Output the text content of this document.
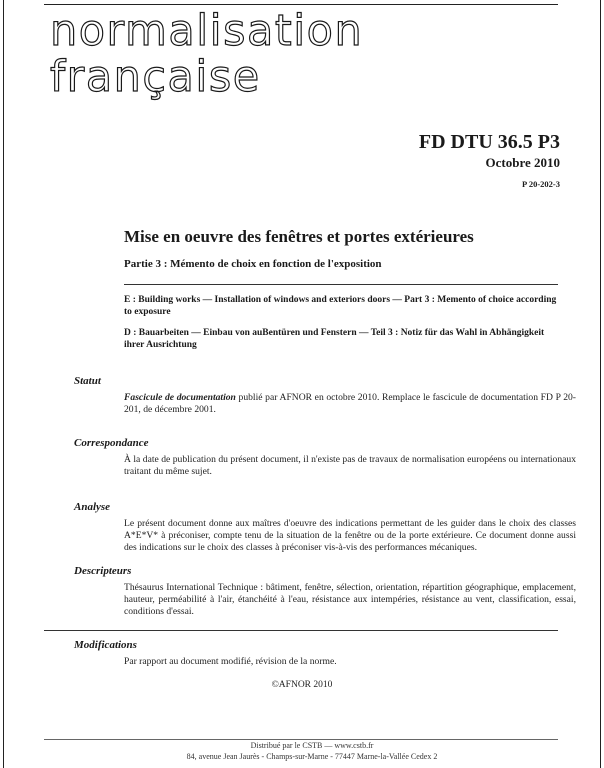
normalisation
française
FD DTU 36.5 P3
Octobre 2010
P 20-202-3
Mise en oeuvre des fenêtres et portes extérieures
Partie 3 : Mémento de choix en fonction de l'exposition
E : Building works — Installation of windows and exteriors doors — Part 3 : Memento of choice according to exposure
D : Bauarbeiten — Einbau von auBentüren und Fenstern — Teil 3 : Notiz für das Wahl in Abhängigkeit ihrer Ausrichtung
Statut
Fascicule de documentation publié par AFNOR en octobre 2010. Remplace le fascicule de documentation FD P 20-201, de décembre 2001.
Correspondance
À la date de publication du présent document, il n'existe pas de travaux de normalisation européens ou internationaux traitant du même sujet.
Analyse
Le présent document donne aux maîtres d'oeuvre des indications permettant de les guider dans le choix des classes A*E*V* à préconiser, compte tenu de la situation de la fenêtre ou de la porte extérieure. Ce document donne aussi des indications sur le choix des classes à préconiser vis-à-vis des performances mécaniques.
Descripteurs
Thésaurus International Technique : bâtiment, fenêtre, sélection, orientation, répartition géographique, emplacement, hauteur, perméabilité à l'air, étanchéité à l'eau, résistance aux intempéries, résistance au vent, classification, essai, conditions d'essai.
Modifications
Par rapport au document modifié, révision de la norme.
©AFNOR 2010
Distribué par le CSTB — www.cstb.fr
84, avenue Jean Jaurès - Champs-sur-Marne - 77447 Marne-la-Vallée Cedex 2
